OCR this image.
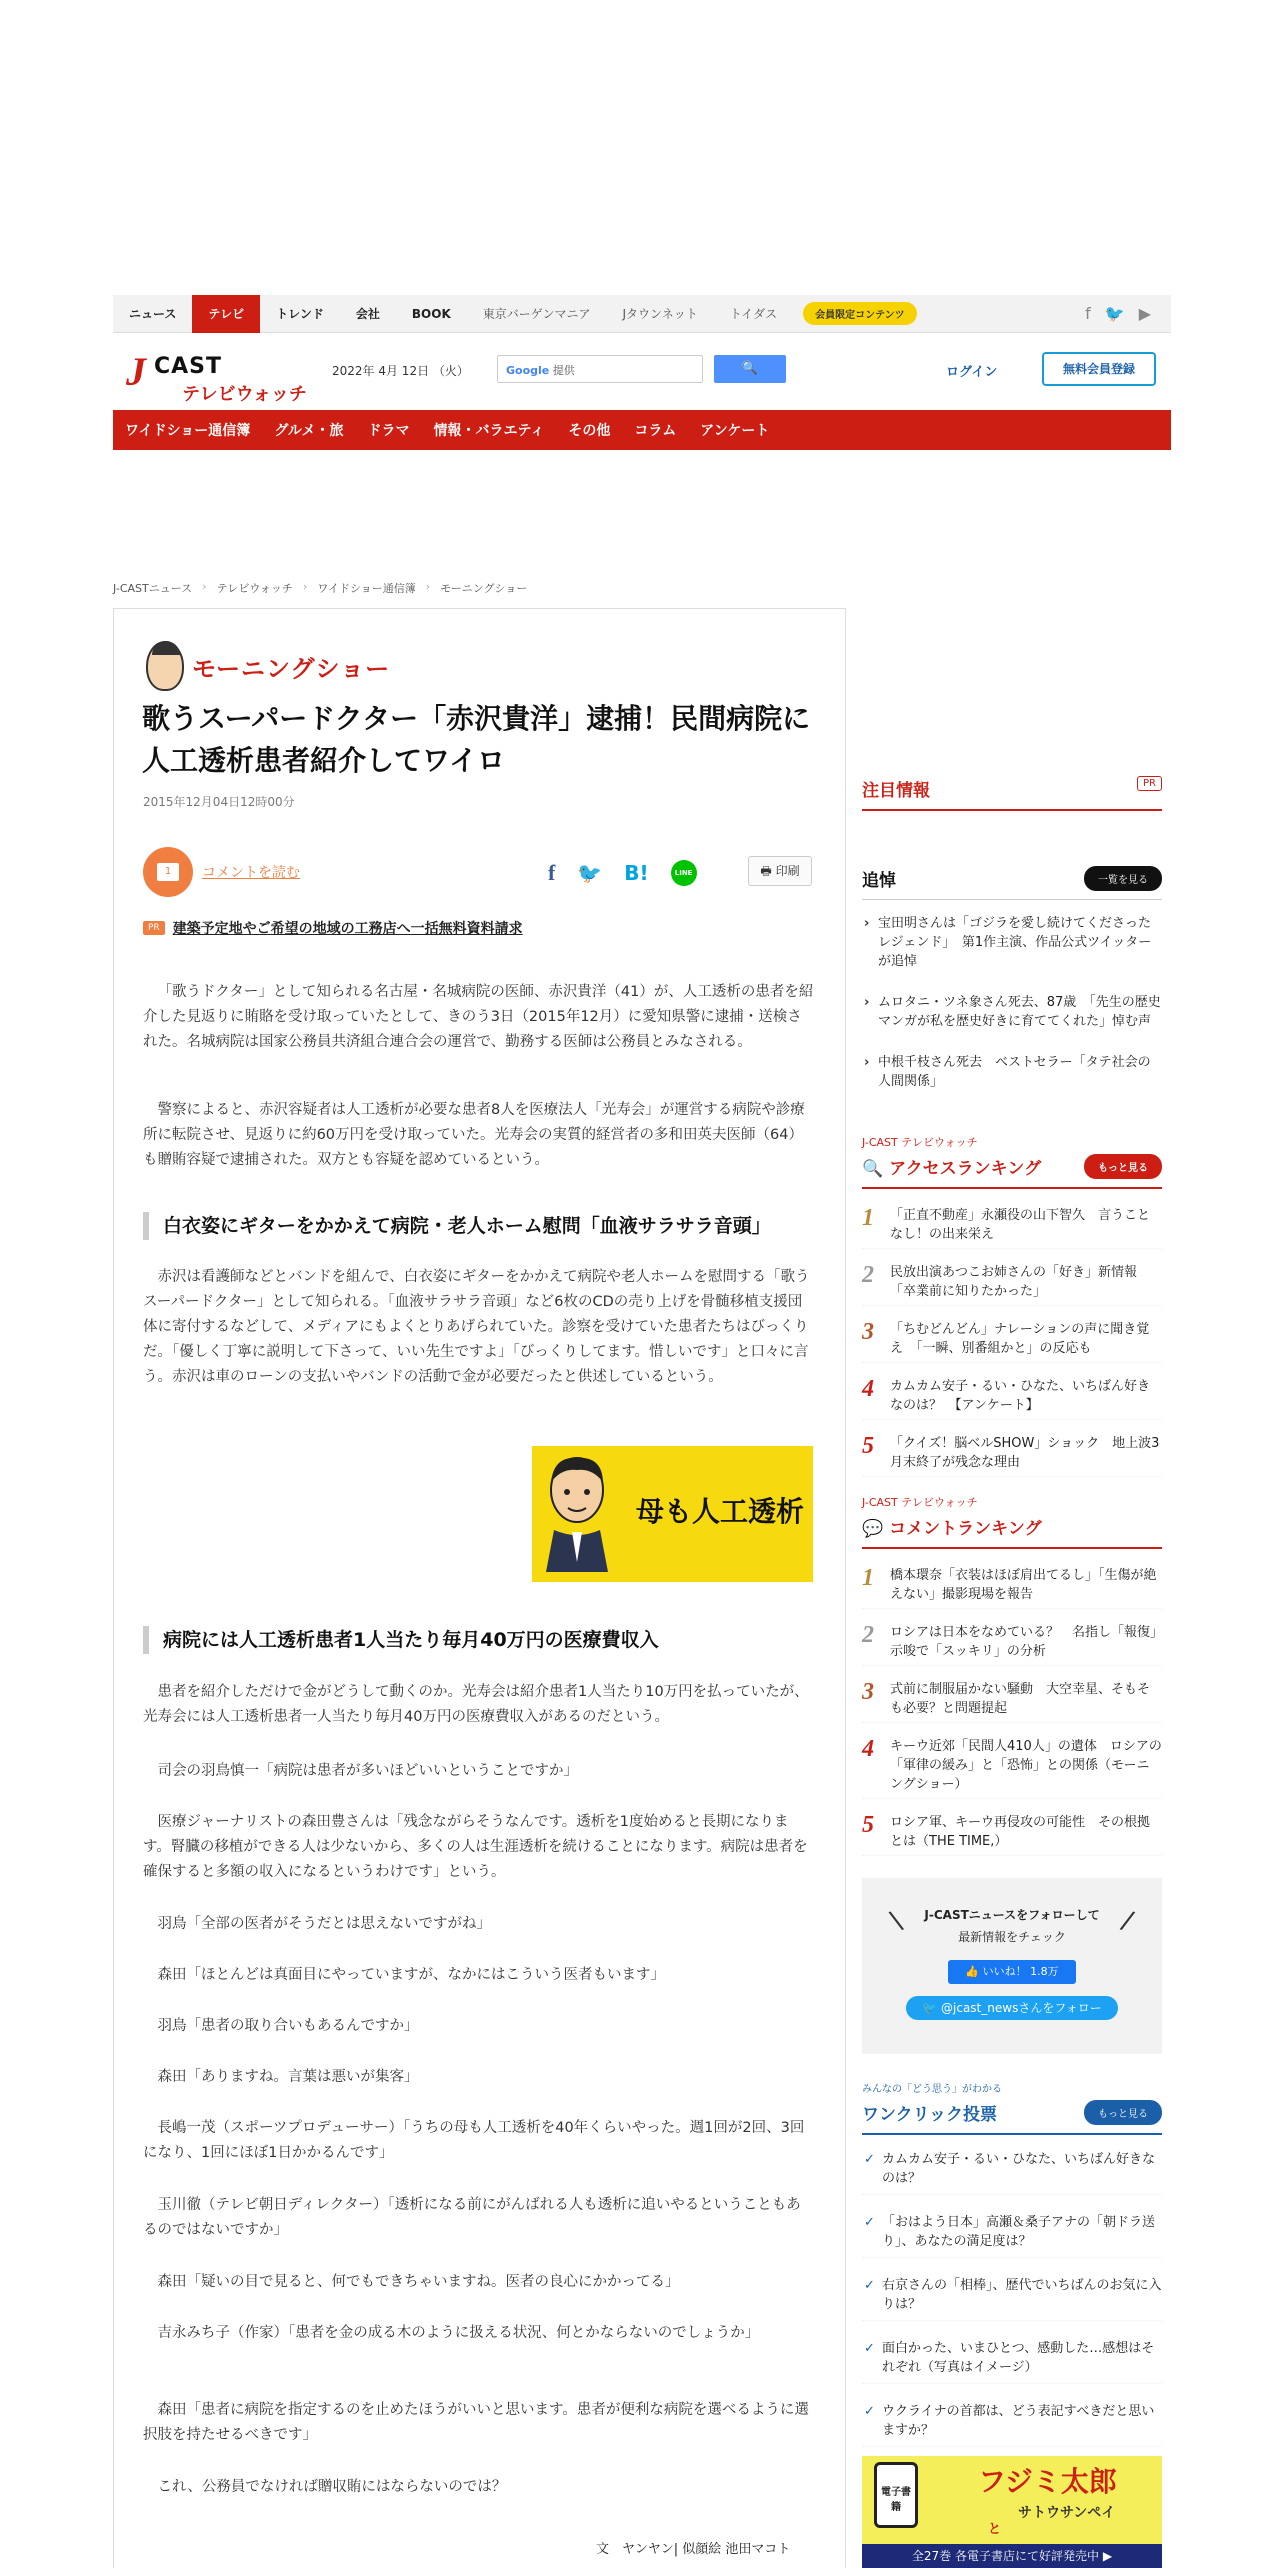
ニュース	テレビ	トレンド	会社	BOOK	東京バーゲンマニア	Jタウンネット	トイダス	会員限定コンテンツ	f 🐦 ▶
J CAST
テレビウォッチ
2022年 4月 12日 （火）	Google 提供	🔍	ログイン	無料会員登録
ワイドショー通信簿 グルメ・旅 ドラマ 情報・バラエティ その他 コラム アンケート
J-CASTニュース › テレビウォッチ › ワイドショー通信簿 › モーニングショー
モーニングショー
歌うスーパードクター「赤沢貴洋」逮捕！民間病院に人工透析患者紹介してワイロ
2015年12月04日12時00分
1	コメントを読む	f 🐦 B!	LINE	🖶 印刷
PR 建築予定地やご希望の地域の工務店へ一括無料資料請求

「歌うドクター」として知られる名古屋・名城病院の医師、赤沢貴洋（41）が、人工透析の患者を紹介した見返りに賄賂を受け取っていたとして、きのう3日（2015年12月）に愛知県警に逮捕・送検された。名城病院は国家公務員共済組合連合会の運営で、勤務する医師は公務員とみなされる。

警察によると、赤沢容疑者は人工透析が必要な患者8人を医療法人「光寿会」が運営する病院や診療所に転院させ、見返りに約60万円を受け取っていた。光寿会の実質的経営者の多和田英夫医師（64）も贈賄容疑で逮捕された。双方とも容疑を認めているという。

白衣姿にギターをかかえて病院・老人ホーム慰問「血液サラサラ音頭」

赤沢は看護師などとバンドを組んで、白衣姿にギターをかかえて病院や老人ホームを慰問する「歌うスーパードクター」として知られる。「血液サラサラ音頭」など6枚のCDの売り上げを骨髄移植支援団体に寄付するなどして、メディアにもよくとりあげられていた。診察を受けていた患者たちはびっくりだ。「優しく丁寧に説明して下さって、いい先生ですよ」「びっくりしてます。惜しいです」と口々に言う。赤沢は車のローンの支払いやバンドの活動で金が必要だったと供述しているという。

母も人工透析
病院には人工透析患者1人当たり毎月40万円の医療費収入

患者を紹介しただけで金がどうして動くのか。光寿会は紹介患者1人当たり10万円を払っていたが、光寿会には人工透析患者一人当たり毎月40万円の医療費収入があるのだという。

司会の羽鳥慎一「病院は患者が多いほどいいということですか」

医療ジャーナリストの森田豊さんは「残念ながらそうなんです。透析を1度始めると長期になります。腎臓の移植ができる人は少ないから、多くの人は生涯透析を続けることになります。病院は患者を確保すると多額の収入になるというわけです」という。

羽鳥「全部の医者がそうだとは思えないですがね」

森田「ほとんどは真面目にやっていますが、なかにはこういう医者もいます」

羽鳥「患者の取り合いもあるんですか」

森田「ありますね。言葉は悪いが集客」

長嶋一茂（スポーツプロデューサー）「うちの母も人工透析を40年くらいやった。週1回が2回、3回になり、1回にほぼ1日かかるんです」

玉川徹（テレビ朝日ディレクター）「透析になる前にがんばれる人も透析に追いやるということもあるのではないですか」

森田「疑いの目で見ると、何でもできちゃいますね。医者の良心にかかってる」

吉永みち子（作家）「患者を金の成る木のように扱える状況、何とかならないのでしょうか」

森田「患者に病院を指定するのを止めたほうがいいと思います。患者が便利な病院を選べるように選択肢を持たせるべきです」

これ、公務員でなければ贈収賄にはならないのでは？

文　ヤンヤン| 似顔絵 池田マコト
注目情報	PR
追悼	一覧を見る
› 宝田明さんは「ゴジラを愛し続けてくださったレジェンド」　第1作主演、作品公式ツイッターが追悼
› ムロタニ・ツネ象さん死去、87歳　「先生の歴史マンガが私を歴史好きに育ててくれた」悼む声
› 中根千枝さん死去　ベストセラー「タテ社会の人間関係」
J-CAST テレビウォッチ
🔍 アクセスランキング	もっと見る
1	「正直不動産」永瀬役の山下智久　言うことなし！の出来栄え
2	民放出演あつこお姉さんの「好き」新情報「卒業前に知りたかった」
3	「ちむどんどん」ナレーションの声に聞き覚え　「一瞬、別番組かと」の反応も
4	カムカム安子・るい・ひなた、いちばん好きなのは？　【アンケート】
5	「クイズ！脳ベルSHOW」ショック　地上波3月末終了が残念な理由
J-CAST テレビウォッチ
💬 コメントランキング
1	橋本環奈「衣装はほぼ肩出てるし」「生傷が絶えない」撮影現場を報告
2	ロシアは日本をなめている？　名指し「報復」示唆で「スッキリ」の分析
3	式前に制服届かない騒動　大空幸星、そもそも必要？と問題提起
4	キーウ近郊「民間人410人」の遺体　ロシアの「軍律の緩み」と「恐怖」との関係（モーニングショー）
5	ロシア軍、キーウ再侵攻の可能性　その根拠とは（THE TIME,）
\	/
J-CASTニュースをフォローして
最新情報をチェック
👍 いいね！ 1.8万
🐦 @jcast_newsさんをフォロー
みんなの「どう思う」がわかる
ワンクリック投票	もっと見る
✓ カムカム安子・るい・ひなた、いちばん好きなのは？
✓ 「おはよう日本」高瀬＆桑子アナの「朝ドラ送り」、あなたの満足度は？
✓ 右京さんの「相棒」、歴代でいちばんのお気に入りは？
✓ 面白かった、いまひとつ、感動した…感想はそれぞれ（写真はイメージ）
✓ ウクライナの首都は、どう表記すべきだと思いますか？
電子書籍
フジミ太郎
と
サトウサンペイ
全27巻 各電子書店にて好評発売中 ▶
